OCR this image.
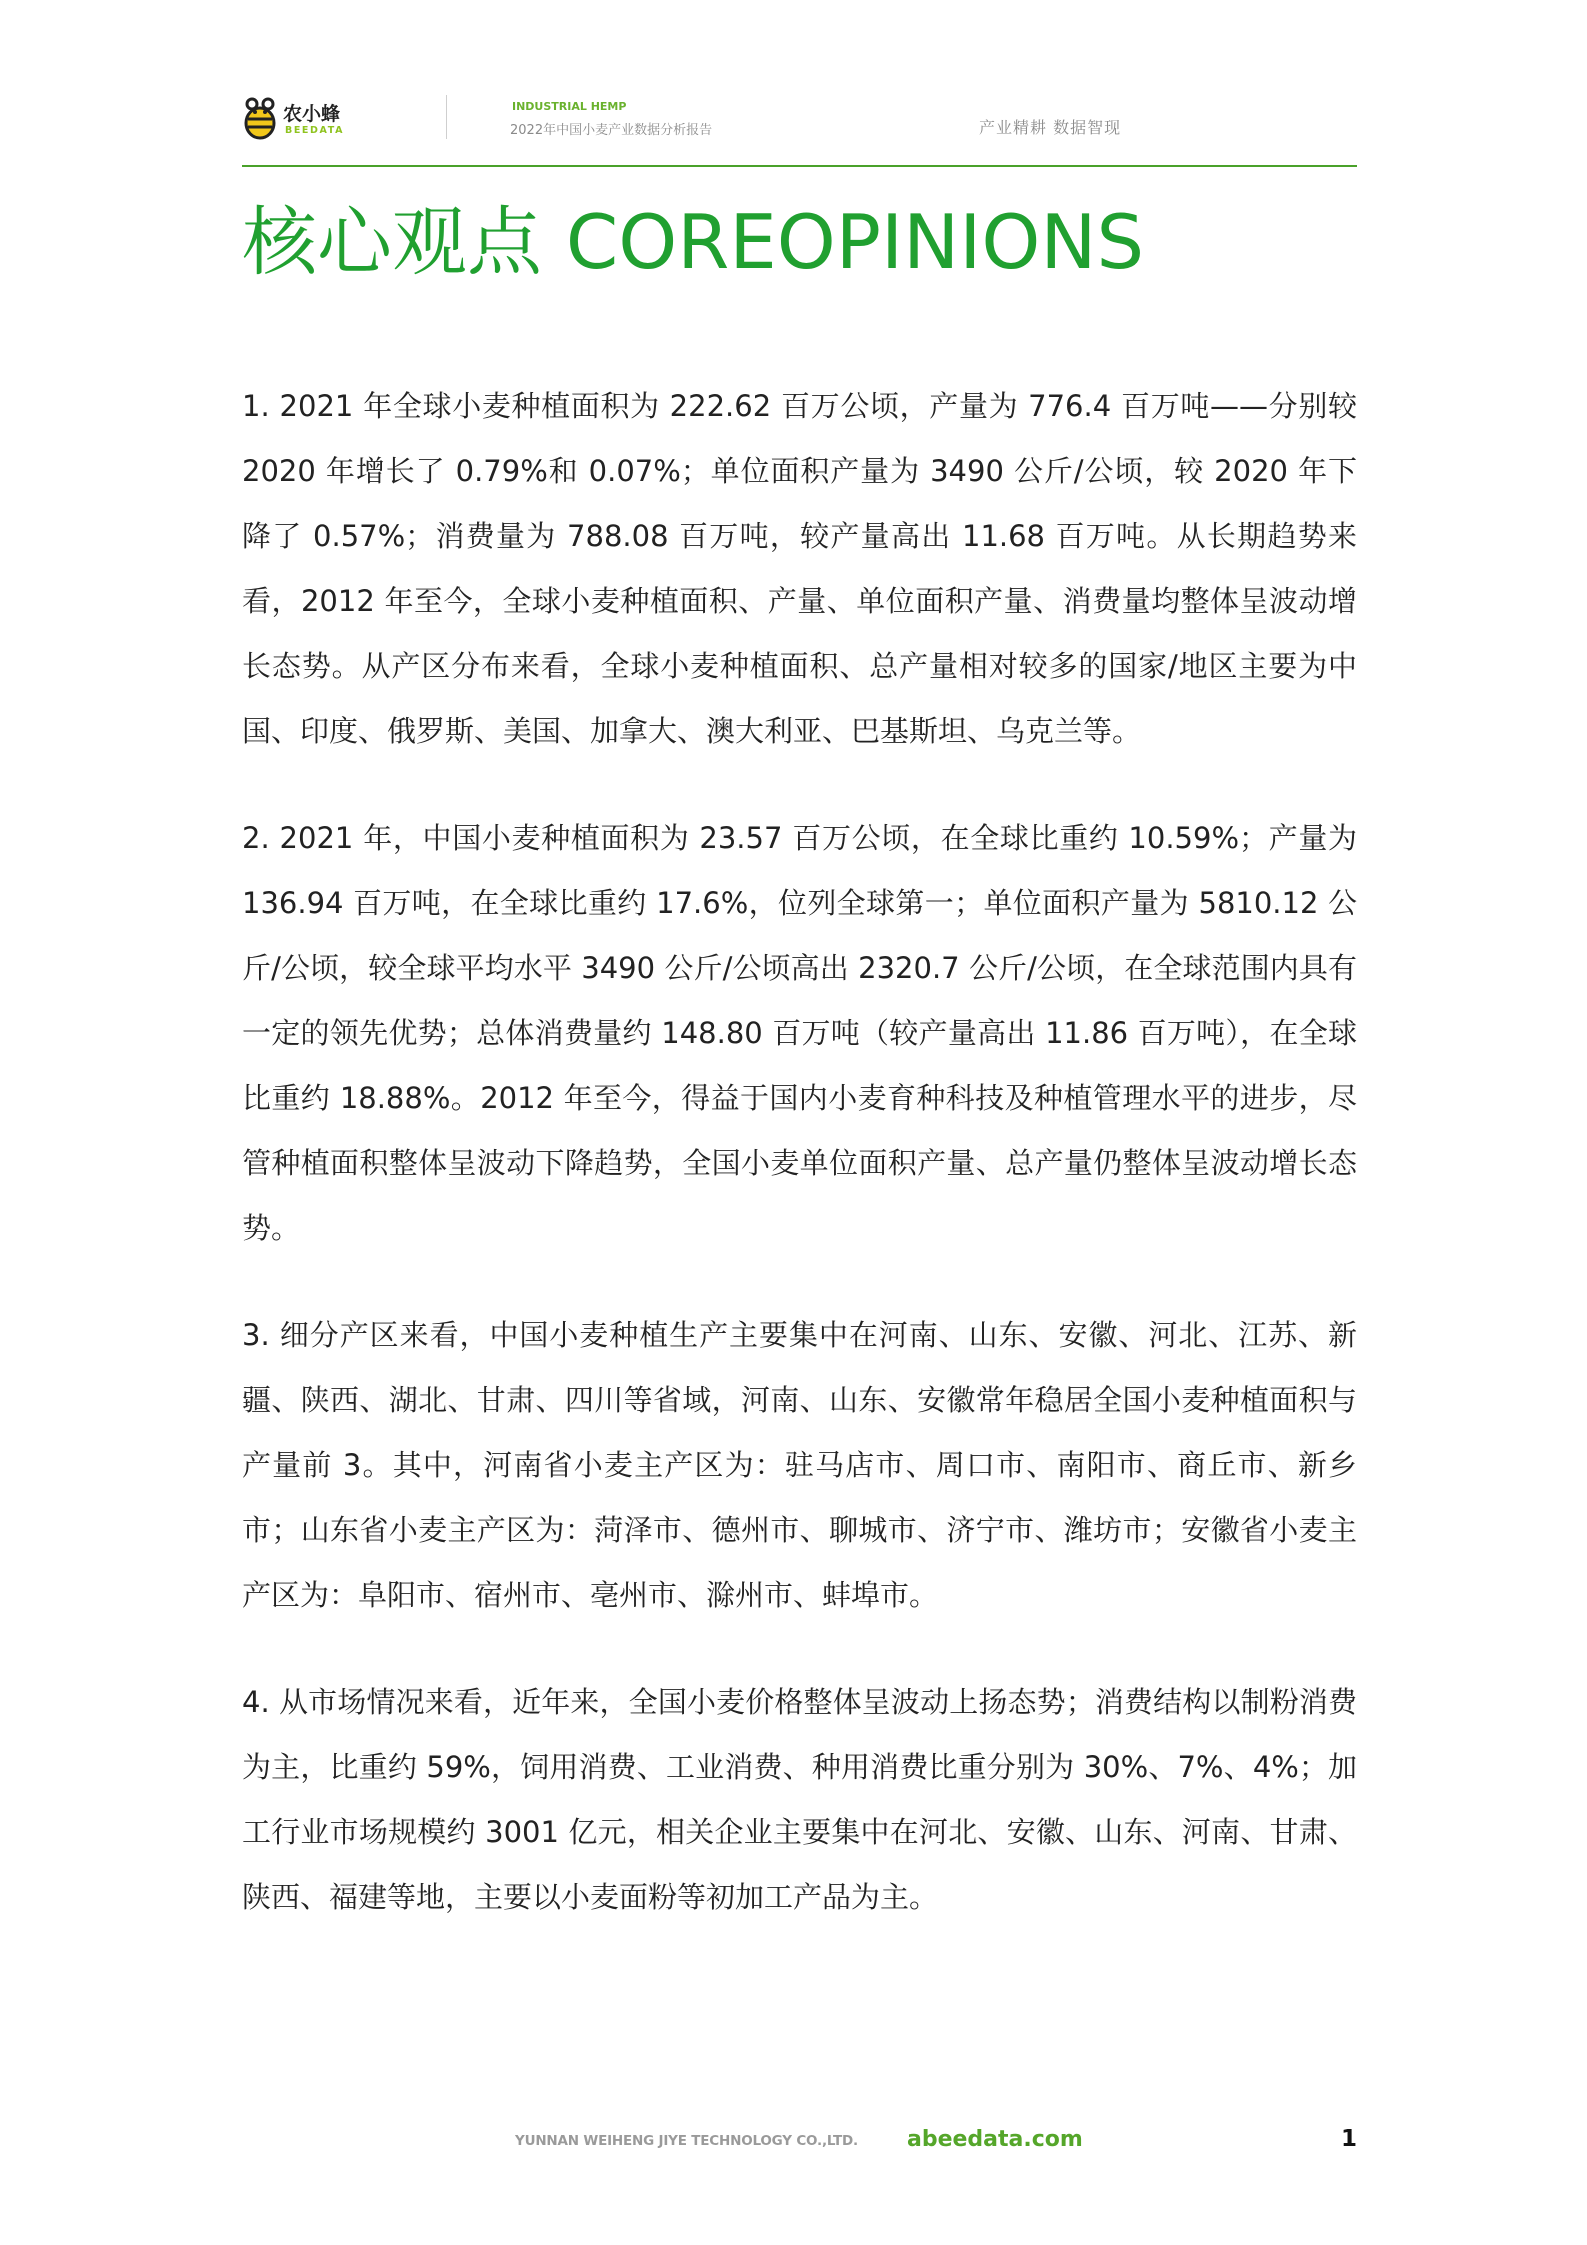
农小蜂
BEEDATA
INDUSTRIAL HEMP
2022年中国小麦产业数据分析报告	产业精耕 数据智现
核心观点 COREOPINIONS

1. 2021 年全球小麦种植面积为 222.62 百万公顷，产量为 776.4 百万吨——分别较 2020 年增长了 0.79%和 0.07%；单位面积产量为 3490 公斤/公顷，较 2020 年下降了 0.57%；消费量为 788.08 百万吨，较产量高出 11.68 百万吨。从长期趋势来看，2012 年至今，全球小麦种植面积、产量、单位面积产量、消费量均整体呈波动增长态势。从产区分布来看，全球小麦种植面积、总产量相对较多的国家/地区主要为中国、印度、俄罗斯、美国、加拿大、澳大利亚、巴基斯坦、乌克兰等。

2. 2021 年，中国小麦种植面积为 23.57 百万公顷，在全球比重约 10.59%；产量为 136.94 百万吨，在全球比重约 17.6%，位列全球第一；单位面积产量为 5810.12 公斤/公顷，较全球平均水平 3490 公斤/公顷高出 2320.7 公斤/公顷，在全球范围内具有一定的领先优势；总体消费量约 148.80 百万吨（较产量高出 11.86 百万吨），在全球比重约 18.88%。2012 年至今，得益于国内小麦育种科技及种植管理水平的进步，尽管种植面积整体呈波动下降趋势，全国小麦单位面积产量、总产量仍整体呈波动增长态势。

3. 细分产区来看，中国小麦种植生产主要集中在河南、山东、安徽、河北、江苏、新疆、陕西、湖北、甘肃、四川等省域，河南、山东、安徽常年稳居全国小麦种植面积与产量前 3。其中，河南省小麦主产区为：驻马店市、周口市、南阳市、商丘市、新乡市；山东省小麦主产区为：菏泽市、德州市、聊城市、济宁市、潍坊市；安徽省小麦主产区为：阜阳市、宿州市、亳州市、滁州市、蚌埠市。

4. 从市场情况来看，近年来，全国小麦价格整体呈波动上扬态势；消费结构以制粉消费为主，比重约 59%，饲用消费、工业消费、种用消费比重分别为 30%、7%、4%；加工行业市场规模约 3001 亿元，相关企业主要集中在河北、安徽、山东、河南、甘肃、陕西、福建等地，主要以小麦面粉等初加工产品为主。

YUNNAN WEIHENG JIYE TECHNOLOGY CO.,LTD. abeedata.com	1
